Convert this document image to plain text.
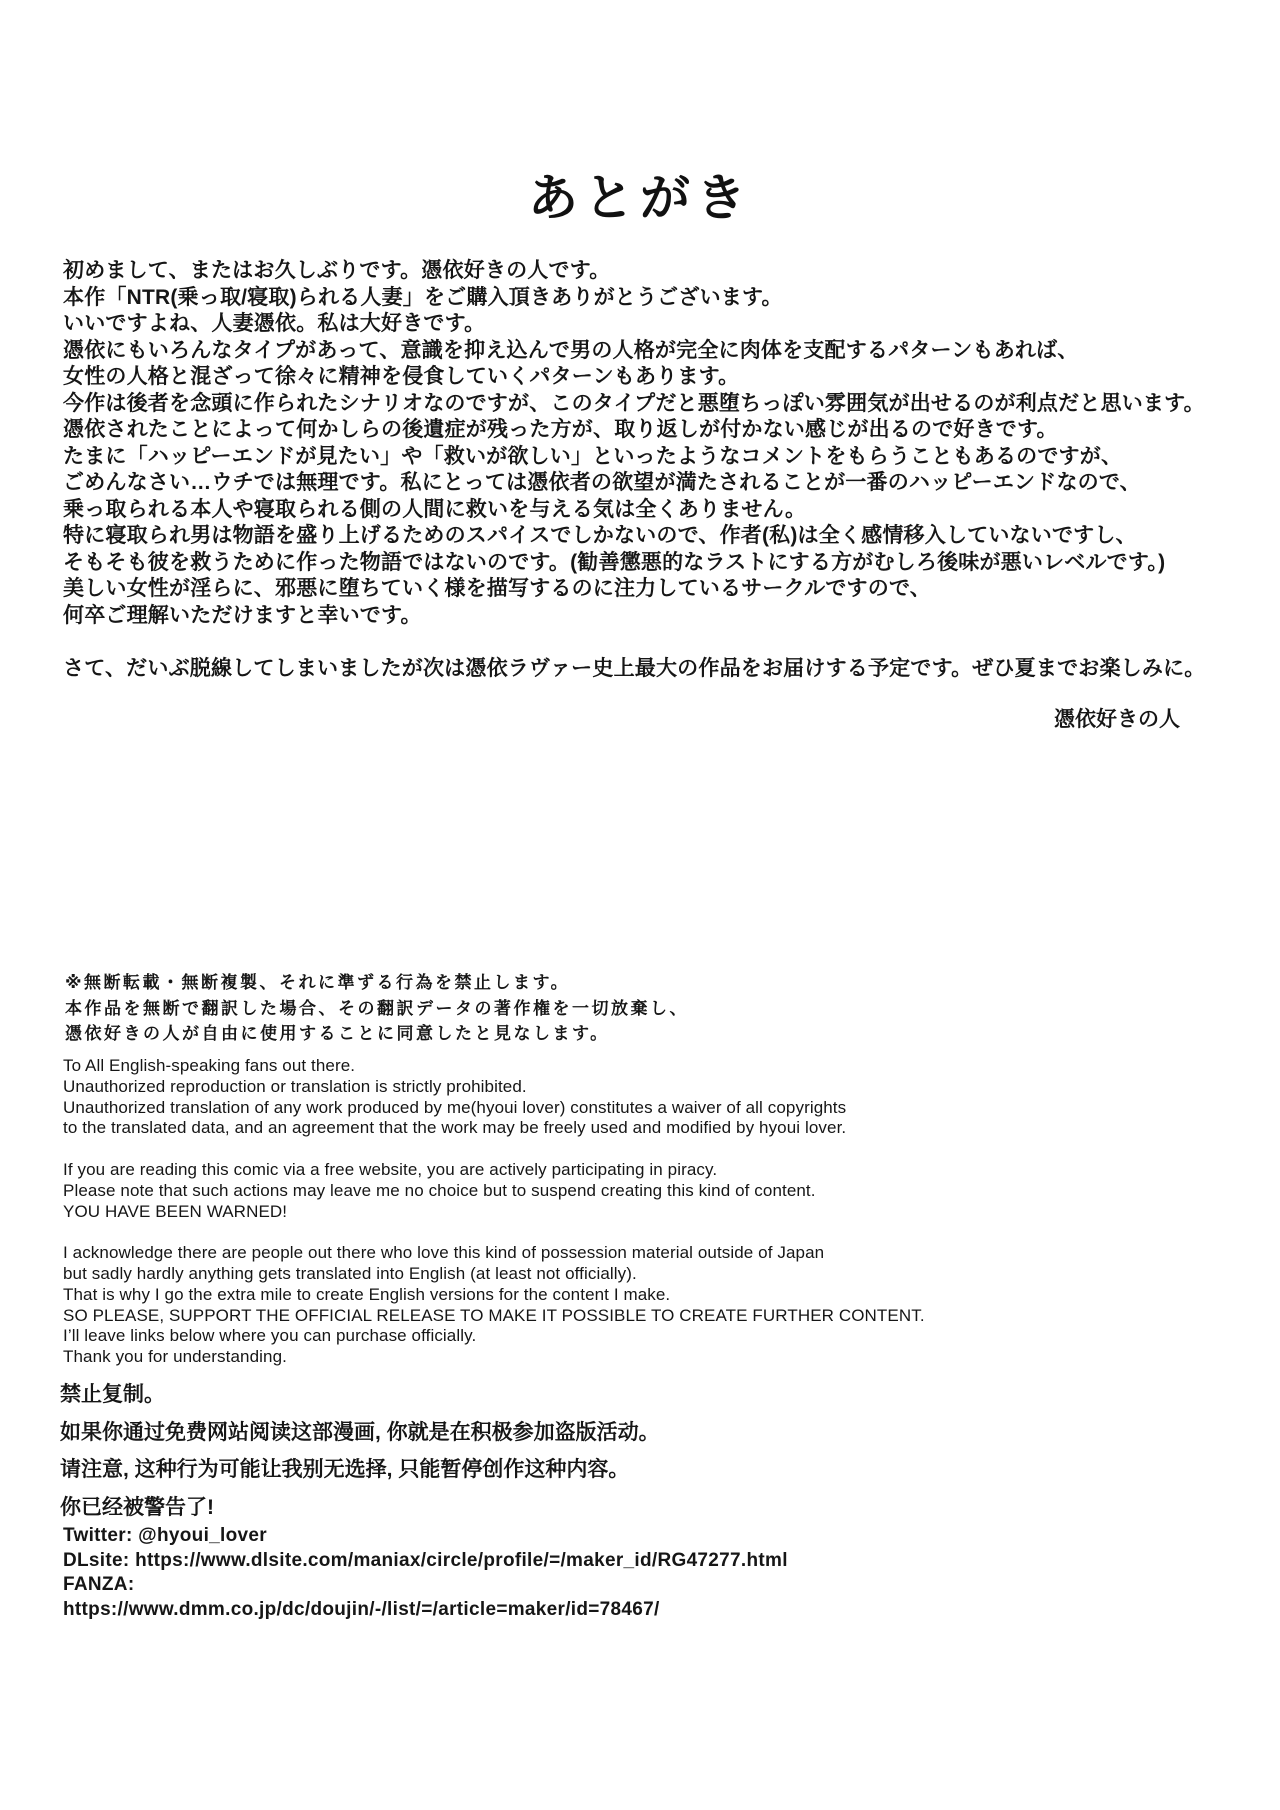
あとがき
初めまして、またはお久しぶりです。憑依好きの人です。
本作「NTR(乗っ取/寝取)られる人妻」をご購入頂きありがとうございます。
いいですよね、人妻憑依。私は大好きです。
憑依にもいろんなタイプがあって、意識を抑え込んで男の人格が完全に肉体を支配するパターンもあれば、
女性の人格と混ざって徐々に精神を侵食していくパターンもあります。
今作は後者を念頭に作られたシナリオなのですが、このタイプだと悪堕ちっぽい雰囲気が出せるのが利点だと思います。
憑依されたことによって何かしらの後遺症が残った方が、取り返しが付かない感じが出るので好きです。
たまに「ハッピーエンドが見たい」や「救いが欲しい」といったようなコメントをもらうこともあるのですが、
ごめんなさい…ウチでは無理です。私にとっては憑依者の欲望が満たされることが一番のハッピーエンドなので、
乗っ取られる本人や寝取られる側の人間に救いを与える気は全くありません。
特に寝取られ男は物語を盛り上げるためのスパイスでしかないので、作者(私)は全く感情移入していないですし、
そもそも彼を救うために作った物語ではないのです。(勧善懲悪的なラストにする方がむしろ後味が悪いレベルです。)
美しい女性が淫らに、邪悪に堕ちていく様を描写するのに注力しているサークルですので、
何卒ご理解いただけますと幸いです。

さて、だいぶ脱線してしまいましたが次は憑依ラヴァー史上最大の作品をお届けする予定です。ぜひ夏までお楽しみに。
憑依好きの人
※無断転載・無断複製、それに準ずる行為を禁止します。
本作品を無断で翻訳した場合、その翻訳データの著作権を一切放棄し、
憑依好きの人が自由に使用することに同意したと見なします。
To All English-speaking fans out there.
Unauthorized reproduction or translation is strictly prohibited.
Unauthorized translation of any work produced by me(hyoui lover) constitutes a waiver of all copyrights
to the translated data, and an agreement that the work may be freely used and modified by hyoui lover.

If you are reading this comic via a free website, you are actively participating in piracy.
Please note that such actions may leave me no choice but to suspend creating this kind of content.
YOU HAVE BEEN WARNED!

I acknowledge there are people out there who love this kind of possession material outside of Japan
but sadly hardly anything gets translated into English (at least not officially).
That is why I go the extra mile to create English versions for the content I make.
SO PLEASE, SUPPORT THE OFFICIAL RELEASE TO MAKE IT POSSIBLE TO CREATE FURTHER CONTENT.
I’ll leave links below where you can purchase officially.
Thank you for understanding.
禁止复制。
如果你通过免费网站阅读这部漫画, 你就是在积极参加盗版活动。
请注意, 这种行为可能让我别无选择, 只能暂停创作这种内容。
你已经被警告了!
Twitter: @hyoui_lover
DLsite: https://www.dlsite.com/maniax/circle/profile/=/maker_id/RG47277.html
FANZA:
https://www.dmm.co.jp/dc/doujin/-/list/=/article=maker/id=78467/
